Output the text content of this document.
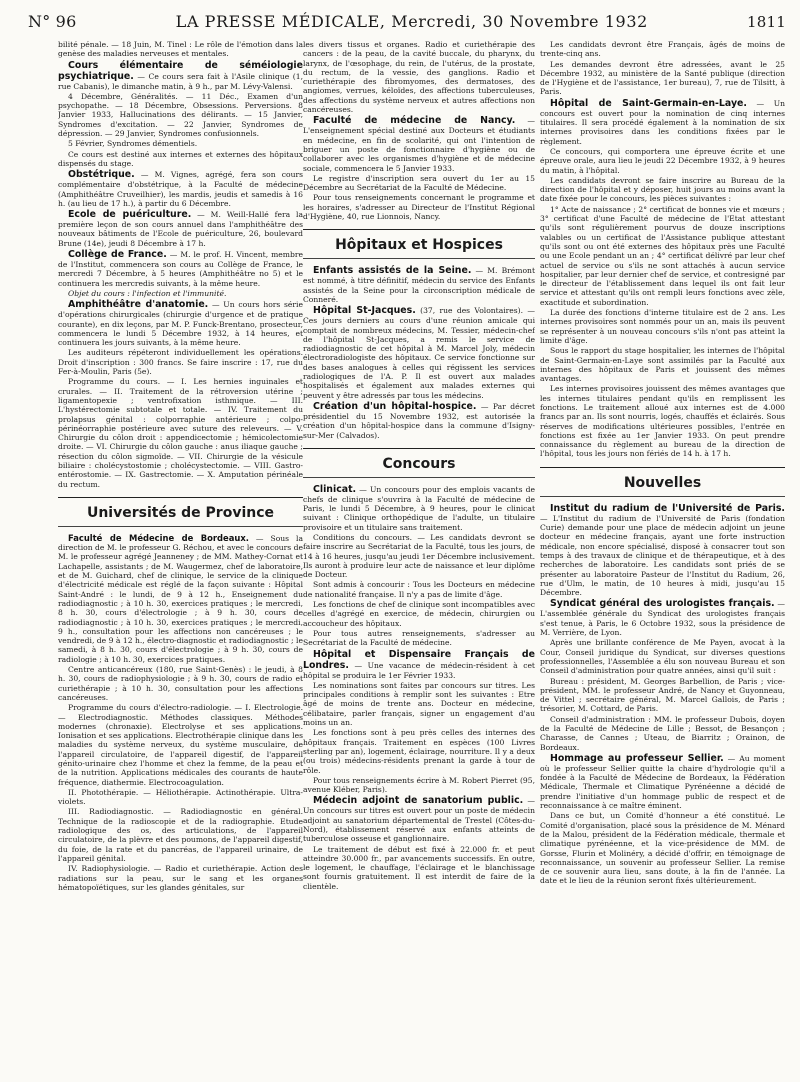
N° 96	LA PRESSE MÉDICALE, Mercredi, 30 Novembre 1932	1811

bilité pénale. — 18 Juin, M. Tinel : Le rôle de l'émotion dans la genèse des maladies nerveuses et mentales.

Cours élémentaire de séméiologie psychiatrique. — Ce cours sera fait à l'Asile clinique (1, rue Cabanis), le dimanche matin, à 9 h., par M. Lévy-Valensi.

4 Décembre, Généralités. — 11 Déc., Examen d'un psychopathe. — 18 Décembre, Obsessions. Perversions. 8 Janvier 1933, Hallucinations des délirants. — 15 Janvier, Syndromes d'excitation. — 22 Janvier, Syndromes de dépression. — 29 Janvier, Syndromes confusionnels.

5 Février, Syndromes démentiels.

Ce cours est destiné aux internes et externes des hôpitaux dispensés du stage.

Obstétrique. — M. Vignes, agrégé, fera son cours complémentaire d'obstétrique, à la Faculté de médecine (Amphithéâtre Cruveilhier), les mardis, jeudis et samedis à 16 h. (au lieu de 17 h.), à partir du 6 Décembre.

Ecole de puériculture. — M. Weill-Hallé fera la première leçon de son cours annuel dans l'amphithéâtre des nouveaux bâtiments de l'Ecole de puériculture, 26, boulevard Brune (14e), jeudi 8 Décembre à 17 h.

Collège de France. — M. le prof. H. Vincent, membre de l'Institut, commencera son cours au Collège de France, le mercredi 7 Décembre, à 5 heures (Amphithéâtre no 5) et le continuera les mercredis suivants, à la même heure.

Objet du cours : l'infection et l'immunité.

Amphithéâtre d'anatomie. — Un cours hors série d'opérations chirurgicales (chirurgie d'urgence et de pratique courante), en dix leçons, par M. P. Funck-Brentano, prosecteur, commencera le lundi 5 Décembre 1932, à 14 heures, et continuera les jours suivants, à la même heure.

Les auditeurs répéteront individuellement les opérations. Droit d'inscription : 300 francs. Se faire inscrire : 17, rue du Fer-à-Moulin, Paris (5e).

Programme du cours. — I. Les hernies inguinales et crurales. — II. Traitement de la rétroversion utérine ; ligamentopexie ; ventrofixation isthmique. — III. L'hystérectomie subtotale et totale. — IV. Traitement du prolapsus génital : colporraphie antérieure ; colpo-périnéorraphie postérieure avec suture des releveurs. — V. Chirurgie du côlon droit : appendicectomie ; hémicolectomie droite. — VI. Chirurgie du côlon gauche : anus iliaque gauche ; résection du côlon sigmoïde. — VII. Chirurgie de la vésicule biliaire : cholécystostomie ; cholécystectomie. — VIII. Gastro-entérostomie. — IX. Gastrectomie. — X. Amputation périnéale du rectum.

Universités de Province

Faculté de Médecine de Bordeaux. — Sous la direction de M. le professeur G. Réchou, et avec le concours de M. le professeur agrégé Jeanneney ; de MM. Mathey-Cornat et Lachapelle, assistants ; de M. Waugermez, chef de laboratoire, et de M. Guichard, chef de clinique, le service de la clinique d'électricité médicale est réglé de la façon suivante : Hôpital Saint-André : le lundi, de 9 à 12 h., Enseignement du radiodiagnostic ; à 10 h. 30, exercices pratiques ; le mercredi, 8 h. 30, cours d'électrologie ; à 9 h. 30, cours de radiodiagnostic ; à 10 h. 30, exercices pratiques ; le mercredi, 9 h., consultation pour les affections non cancéreuses ; le vendredi, de 9 à 12 h., électro-diagnostic et radiodiagnostic ; le samedi, à 8 h. 30, cours d'électrologie ; à 9 h. 30, cours de radiologie ; à 10 h. 30, exercices pratiques.

Centre anticancéreux (180, rue Saint-Genès) : le jeudi, à 8 h. 30, cours de radiophysiologie ; à 9 h. 30, cours de radio et curiethérapie ; à 10 h. 30, consultation pour les affections cancéreuses.

Programme du cours d'électro-radiologie. — I. Electrologie. — Electrodiagnostic. Méthodes classiques. Méthodes modernes (chronaxie). Electrolyse et ses applications. Ionisation et ses applications. Electrothérapie clinique dans les maladies du système nerveux, du système musculaire, de l'appareil circulatoire, de l'appareil digestif, de l'appareil génito-urinaire chez l'homme et chez la femme, de la peau et de la nutrition. Applications médicales des courants de haute fréquence, diathermie. Electrocoagulation.

II. Photothérapie. — Héliothérapie. Actinothérapie. Ultra-violets.

III. Radiodiagnostic. — Radiodiagnostic en général. Technique de la radioscopie et de la radiographie. Etude radiologique des os, des articulations, de l'appareil circulatoire, de la plèvre et des poumons, de l'appareil digestif, du foie, de la rate et du pancréas, de l'appareil urinaire, de l'appareil génital.

IV. Radiophysiologie. — Radio et curiethérapie. Action des radiations sur la peau, sur le sang et les organes hématopoïétiques, sur les glandes génitales, sur

les divers tissus et organes. Radio et curiethérapie des cancers : de la peau, de la cavité buccale, du pharynx, du larynx, de l'œsophage, du rein, de l'utérus, de la prostate, du rectum, de la vessie, des ganglions. Radio et curiethérapie des fibromyomes, des dermatoses, des angiomes, verrues, kéloïdes, des affections tuberculeuses, des affections du système nerveux et autres affections non cancéreuses.

Faculté de médecine de Nancy. — L'enseignement spécial destiné aux Docteurs et étudiants en médecine, en fin de scolarité, qui ont l'intention de briguer un poste de fonctionnaire d'hygiène ou de collaborer avec les organismes d'hygiène et de médecine sociale, commencera le 5 Janvier 1933.

Le registre d'inscription sera ouvert du 1er au 15 Décembre au Secrétariat de la Faculté de Médecine.

Pour tous renseignements concernant le programme et les horaires, s'adresser au Directeur de l'Institut Régional d'Hygiène, 40, rue Lionnois, Nancy.

Hôpitaux et Hospices

Enfants assistés de la Seine. — M. Brémont est nommé, à titre définitif, médecin du service des Enfants assistés de la Seine pour la circonscription médicale de Conneré.

Hôpital St-Jacques. (37, rue des Volontaires). — Ces jours derniers au cours d'une réunion amicale qui comptait de nombreux médecins, M. Tessier, médecin-chef de l'hôpital St-Jacques, a remis le service de radiodiagnostic de cet hôpital à M. Marcel Joly, médecin électroradiologiste des hôpitaux. Ce service fonctionne sur des bases analogues à celles qui régissent les services radiologiques de l'A. P. Il est ouvert aux malades hospitalisés et également aux malades externes qui peuvent y être adressés par tous les médecins.

Création d'un hôpital-hospice. — Par décret présidentiel du 15 Novembre 1932, est autorisée la création d'un hôpital-hospice dans la commune d'Isigny-sur-Mer (Calvados).

Concours

Clinicat. — Un concours pour des emplois vacants de chefs de clinique s'ouvrira à la Faculté de médecine de Paris, le lundi 5 Décembre, à 9 heures, pour le clinicat suivant : Clinique orthopédique de l'adulte, un titulaire provisoire et un titulaire sans traitement.

Conditions du concours. — Les candidats devront se faire inscrire au Secrétariat de la Faculté, tous les jours, de 14 à 16 heures, jusqu'au jeudi 1er Décembre inclusivement. Ils auront à produire leur acte de naissance et leur diplôme de Docteur.

Sont admis à concourir : Tous les Docteurs en médecine de nationalité française. Il n'y a pas de limite d'âge.

Les fonctions de chef de clinique sont incompatibles avec celles d'agrégé en exercice, de médecin, chirurgien ou accoucheur des hôpitaux.

Pour tous autres renseignements, s'adresser au Secrétariat de la Faculté de médecine.

Hôpital et Dispensaire Français de Londres. — Une vacance de médecin-résident à cet hôpital se produira le 1er Février 1933.

Les nominations sont faites par concours sur titres. Les principales conditions à remplir sont les suivantes : Etre âgé de moins de trente ans. Docteur en médecine, célibataire, parler français, signer un engagement d'au moins un an.

Les fonctions sont à peu près celles des internes des hôpitaux français. Traitement en espèces (100 Livres sterling par an), logement, éclairage, nourriture. Il y a deux (ou trois) médecins-résidents prenant la garde à tour de rôle.

Pour tous renseignements écrire à M. Robert Pierret (95, avenue Kléber, Paris).

Médecin adjoint de sanatorium public. — Un concours sur titres est ouvert pour un poste de médecin adjoint au sanatorium départemental de Trestel (Côtes-du-Nord), établissement réservé aux enfants atteints de tuberculose osseuse et ganglionnaire.

Le traitement de début est fixé à 22.000 fr. et peut atteindre 30.000 fr., par avancements successifs. En outre, le logement, le chauffage, l'éclairage et le blanchissage sont fournis gratuitement. Il est interdit de faire de la clientèle.

Les candidats devront être Français, âgés de moins de trente-cinq ans.

Les demandes devront être adressées, avant le 25 Décembre 1932, au ministère de la Santé publique (direction de l'Hygiène et de l'assistance, 1er bureau), 7, rue de Tilsitt, à Paris.

Hôpital de Saint-Germain-en-Laye. — Un concours est ouvert pour la nomination de cinq internes titulaires. Il sera procédé également à la nomination de six internes provisoires dans les conditions fixées par le règlement.

Ce concours, qui comportera une épreuve écrite et une épreuve orale, aura lieu le jeudi 22 Décembre 1932, à 9 heures du matin, à l'hôpital.

Les candidats devront se faire inscrire au Bureau de la direction de l'hôpital et y déposer, huit jours au moins avant la date fixée pour le concours, les pièces suivantes :

1° Acte de naissance ; 2° certificat de bonnes vie et mœurs ; 3° certificat d'une Faculté de médecine de l'Etat attestant qu'ils sont régulièrement pourvus de douze inscriptions valables ou un certificat de l'Assistance publique attestant qu'ils sont ou ont été externes des hôpitaux près une Faculté ou une Ecole pendant un an ; 4° certificat délivré par leur chef actuel de service ou s'ils ne sont attachés à aucun service hospitalier, par leur dernier chef de service, et contresigné par le directeur de l'établissement dans lequel ils ont fait leur service et attestant qu'ils ont rempli leurs fonctions avec zèle, exactitude et subordination.

La durée des fonctions d'interne titulaire est de 2 ans. Les internes provisoires sont nommés pour un an, mais ils peuvent se représenter à un nouveau concours s'ils n'ont pas atteint la limite d'âge.

Sous le rapport du stage hospitalier, les internes de l'hôpital de Saint-Germain-en-Laye sont assimilés par la Faculté aux internes des hôpitaux de Paris et jouissent des mêmes avantages.

Les internes provisoires jouissent des mêmes avantages que les internes titulaires pendant qu'ils en remplissent les fonctions. Le traitement alloué aux internes est de 4.000 francs par an. Ils sont nourris, logés, chauffés et éclairés. Sous réserves de modifications ultérieures possibles, l'entrée en fonctions est fixée au 1er Janvier 1933. On peut prendre connaissance du règlement au bureau de la direction de l'hôpital, tous les jours non fériés de 14 h. à 17 h.

Nouvelles

Institut du radium de l'Université de Paris. — L'Institut du radium de l'Université de Paris (fondation Curie) demande pour une place de médecin adjoint un jeune docteur en médecine français, ayant une forte instruction médicale, non encore spécialisé, disposé à consacrer tout son temps à des travaux de clinique et de thérapeutique, et à des recherches de laboratoire. Les candidats sont priés de se présenter au laboratoire Pasteur de l'Institut du Radium, 26, rue d'Ulm, le matin, de 10 heures à midi, jusqu'au 15 Décembre.

Syndicat général des urologistes français. — L'assemblée générale du Syndicat des urologistes français s'est tenue, à Paris, le 6 Octobre 1932, sous la présidence de M. Verrière, de Lyon.

Après une brillante conférence de Me Payen, avocat à la Cour, Conseil juridique du Syndicat, sur diverses questions professionnelles, l'Assemblée a élu son nouveau Bureau et son Conseil d'administration pour quatre années, ainsi qu'il suit :

Bureau : président, M. Georges Barbellion, de Paris ; vice-président, MM. le professeur André, de Nancy et Guyonneau, de Vittel ; secrétaire général, M. Marcel Gallois, de Paris ; trésorier, M. Cottard, de Paris.

Conseil d'administration : MM. le professeur Dubois, doyen de la Faculté de Médecine de Lille ; Bessot, de Besançon ; Charasse, de Cannes ; Uteau, de Biarritz ; Orainon, de Bordeaux.

Hommage au professeur Sellier. — Au moment où le professeur Sellier quitte la chaire d'hydrologie qu'il a fondée à la Faculté de Médecine de Bordeaux, la Fédération Médicale, Thermale et Climatique Pyrénéenne a décidé de prendre l'initiative d'un hommage public de respect et de reconnaissance à ce maître éminent.

Dans ce but, un Comité d'honneur a été constitué. Le Comité d'organisation, placé sous la présidence de M. Ménard de la Malou, président de la Fédération médicale, thermale et climatique pyrénéenne, et la vice-présidence de MM. de Gorsse, Flurin et Molinéry, a décidé d'offrir, en témoignage de reconnaissance, un souvenir au professeur Sellier. La remise de ce souvenir aura lieu, sans doute, à la fin de l'année. La date et le lieu de la réunion seront fixés ultérieurement.
